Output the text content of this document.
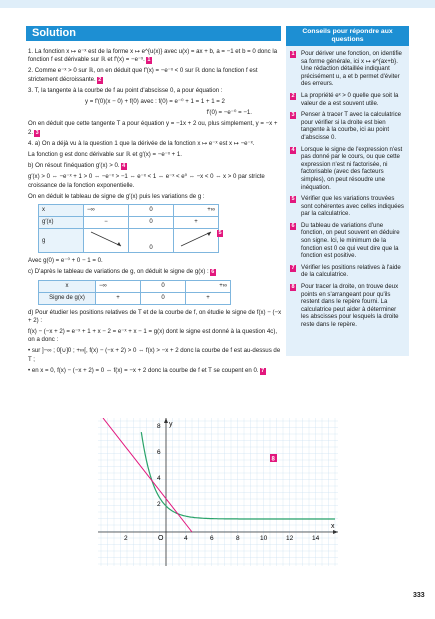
Solution

1. La fonction x ↦ e⁻ˣ est de la forme x ↦ e^{u(x)} avec u(x) = ax + b, a = −1 et b = 0 donc la fonction f est dérivable sur ℝ et f′(x) = −e⁻ˣ. 1

2. Comme e⁻ˣ > 0 sur ℝ, on en déduit que f′(x) = −e⁻ˣ < 0 sur ℝ donc la fonction f est strictement décroissante. 2

3. T, la tangente à la courbe de f au point d'abscisse 0, a pour équation :

y = f′(0)(x − 0) + f(0) avec : f(0) = e⁻⁰ + 1 = 1 + 1 = 2

f′(0) = −e⁻⁰ = −1.

On en déduit que cette tangente T a pour équation y = −1x + 2 ou, plus simplement, y = −x + 2. 3

4. a) On a déjà vu à la question 1 que la dérivée de la fonction x ↦ e⁻ˣ est x ↦ −e⁻ˣ.

La fonction g est donc dérivable sur ℝ et g′(x) = −e⁻ˣ + 1.

b) On résout l'inéquation g′(x) > 0. 4

g′(x) > 0 ⇔ −e⁻ˣ + 1 > 0 ⇔ −e⁻ˣ > −1 ⇔ e⁻ˣ < 1 ⇔ e⁻ˣ < e⁰ ⇔ −x < 0 ⇔ x > 0 par stricte croissance de la fonction exponentielle.

On en déduit le tableau de signe de g′(x) puis les variations de g :

x	−∞	0	+∞
g′(x)	−	0	+
g		0	
5

Avec g(0) = e⁻⁰ + 0 − 1 = 0.

c) D'après le tableau de variations de g, on déduit le signe de g(x) : 6

x	−∞	0	+∞
Signe de g(x)	+	0	+

d) Pour étudier les positions relatives de T et de la courbe de f, on étudie le signe de f(x) − (−x + 2) :

f(x) − (−x + 2) = e⁻ˣ + 1 + x − 2 = e⁻ˣ + x − 1 = g(x) dont le signe est donné à la question 4c), on a donc :

• sur ]−∞ ; 0[∪]0 ; +∞[, f(x) − (−x + 2) > 0 ⇔ f(x) > −x + 2 donc la courbe de f est au-dessus de T ;

• en x = 0, f(x) − (−x + 2) = 0 ⇔ f(x) = −x + 2 donc la courbe de f et T se coupent en 0. 7

Conseils pour répondre aux questions
1 Pour dériver une fonction, on identifie sa forme générale, ici x ↦ e^{ax+b}. Une rédaction détaillée indiquant précisément u, a et b permet d'éviter des erreurs.
2 La propriété eˣ > 0 quelle que soit la valeur de a est souvent utile.
3 Penser à tracer T avec la calculatrice pour vérifier si la droite est bien tangente à la courbe, ici au point d'abscisse 0.
4 Lorsque le signe de l'expression n'est pas donné par le cours, ou que cette expression n'est ni factorisée, ni factorisable (avec des facteurs simples), on peut résoudre une inéquation.
5 Vérifier que les variations trouvées sont cohérentes avec celles indiquées par la calculatrice.
6 Du tableau de variations d'une fonction, on peut souvent en déduire son signe. Ici, le minimum de la fonction est 0 ce qui veut dire que la fonction est positive.
7 Vérifier les positions relatives à l'aide de la calculatrice.
8 Pour tracer la droite, on trouve deux points en s'arrangeant pour qu'ils restent dans le repère fourni. La calculatrice peut aider à déterminer les abscisses pour lesquels la droite reste dans le repère.
y
x
O
2	4	6	8	10	12	14
8
6
4
2
8
333
